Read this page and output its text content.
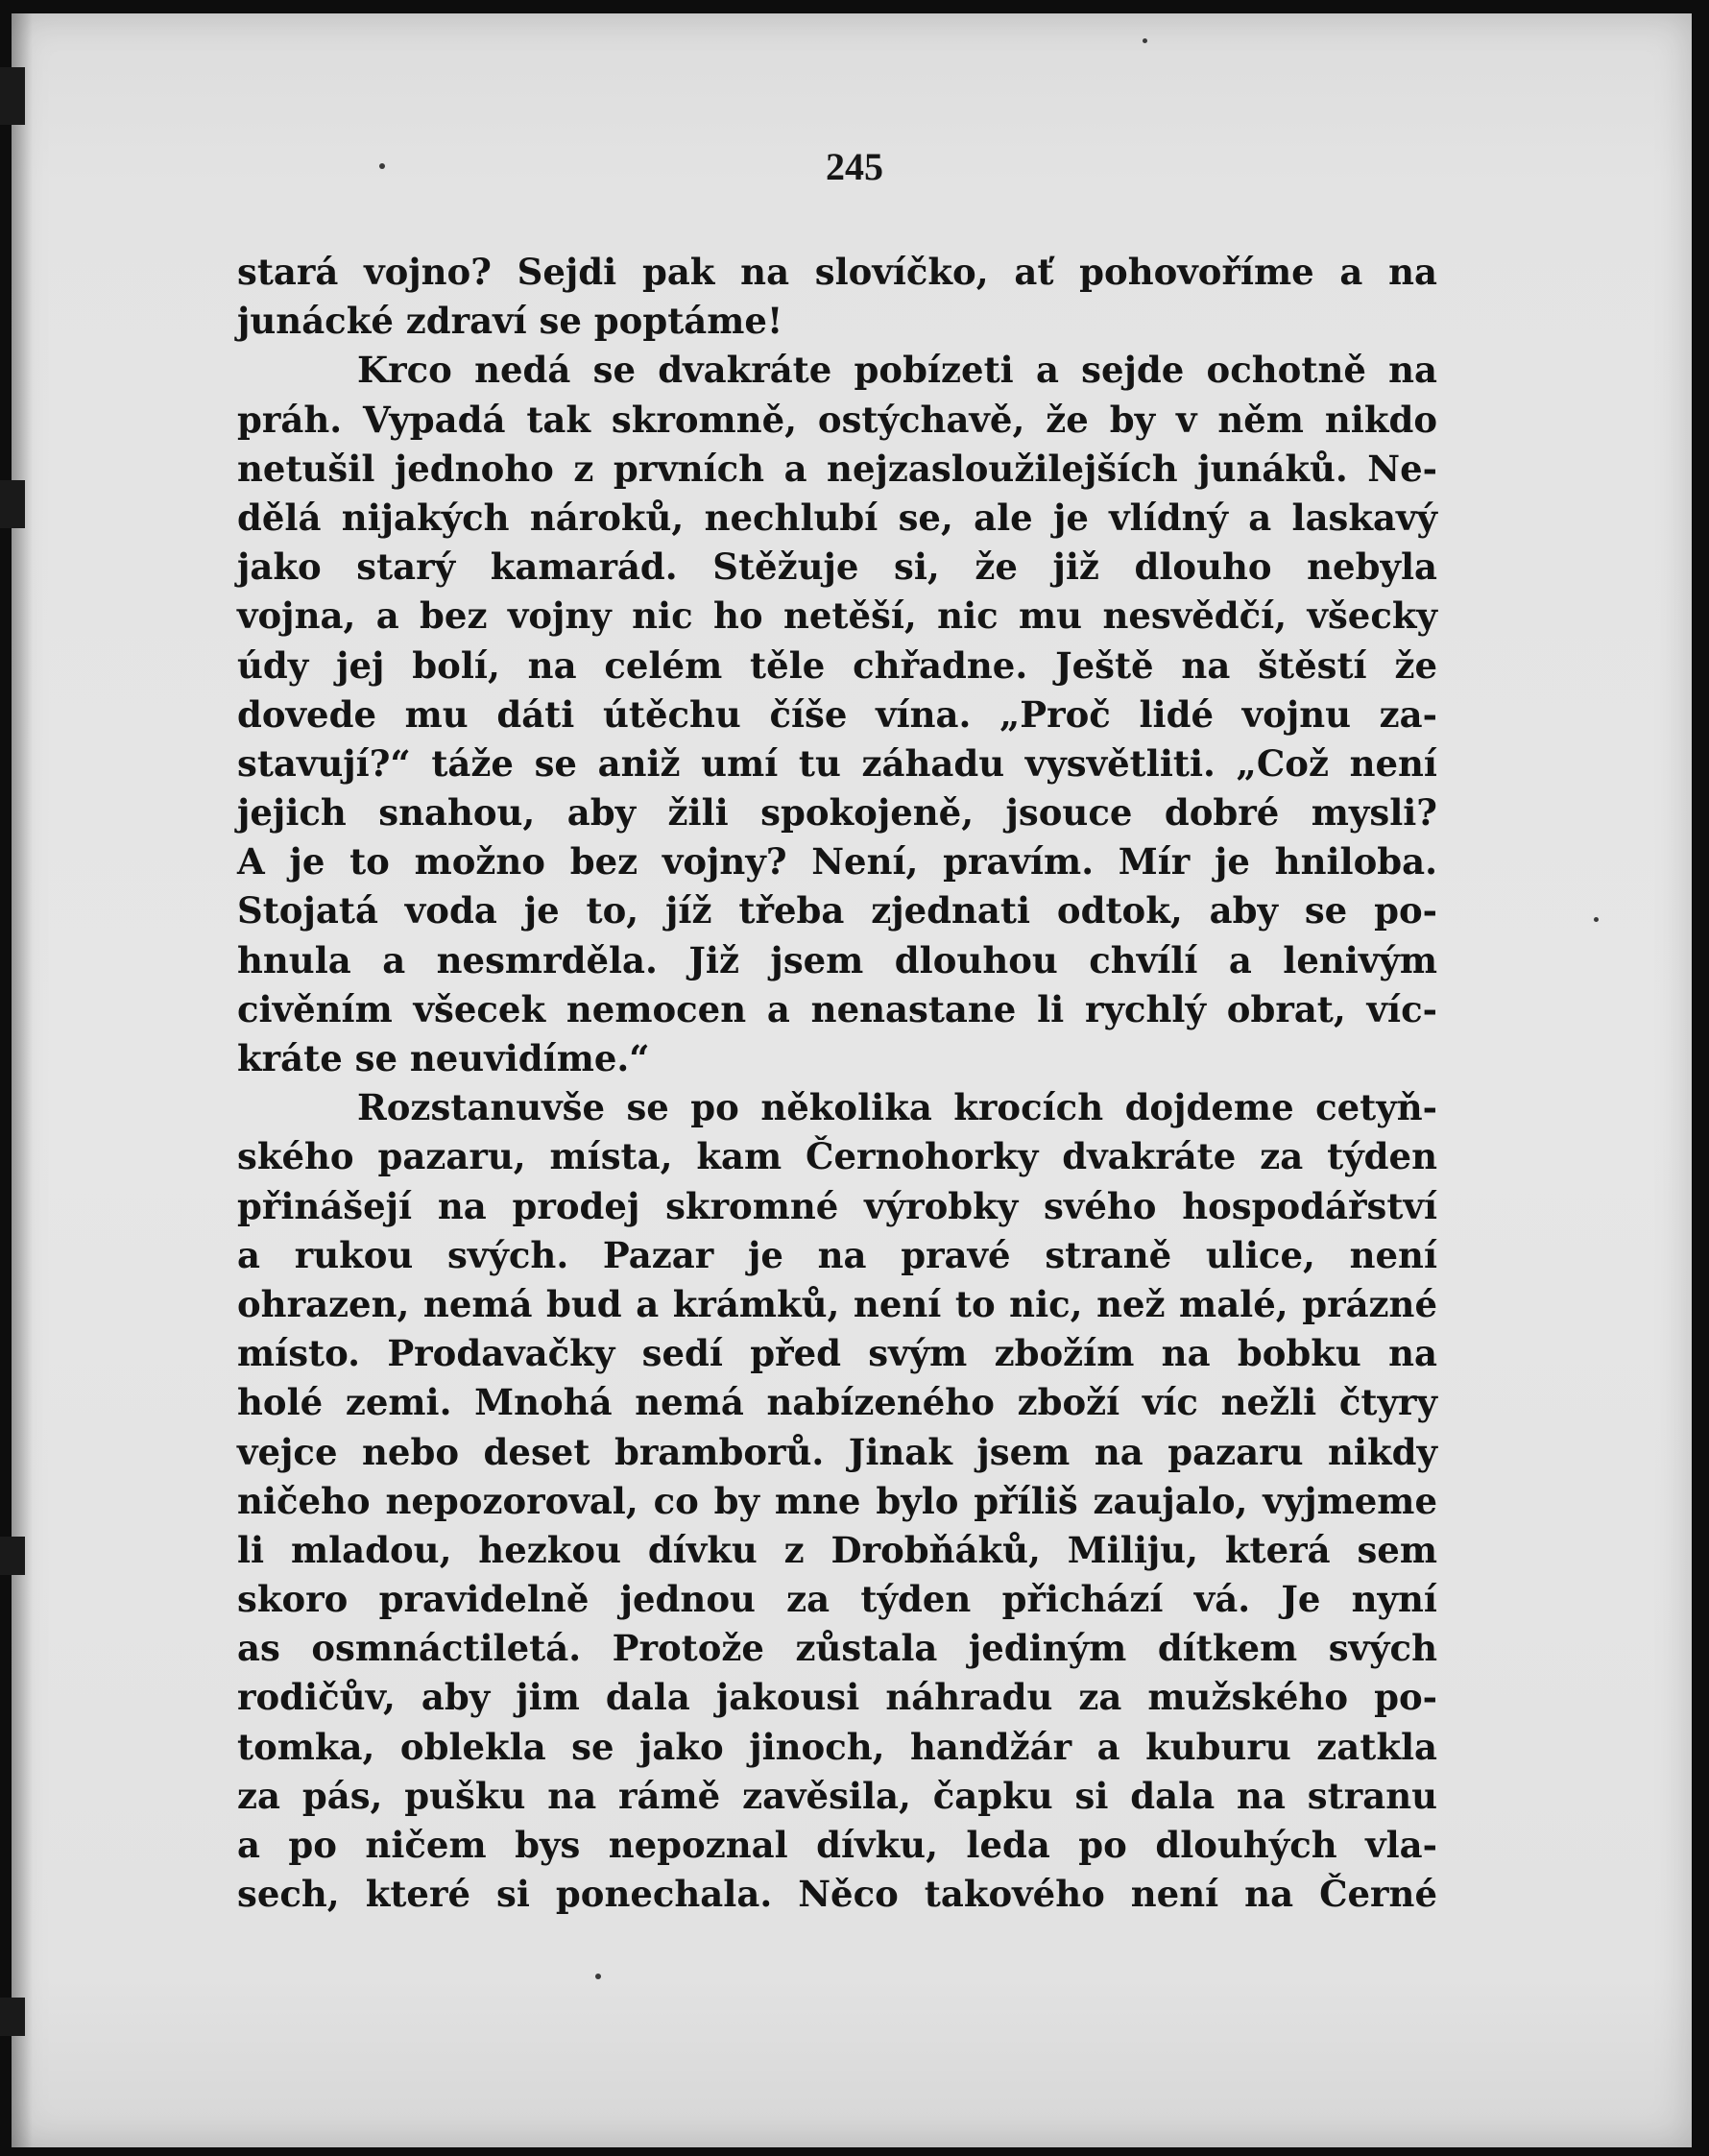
245
stará vojno? Sejdi pak na slovíčko, ať pohovoříme a na
junácké zdraví se poptáme!
Krco nedá se dvakráte pobízeti a sejde ochotně na
práh. Vypadá tak skromně, ostýchavě, že by v něm nikdo
netušil jednoho z prvních a nejzasloužilejších junáků. Ne-
dělá nijakých nároků, nechlubí se, ale je vlídný a laskavý
jako starý kamarád. Stěžuje si, že již dlouho nebyla
vojna, a bez vojny nic ho netěší, nic mu nesvědčí, všecky
údy jej bolí, na celém těle chřadne. Ještě na štěstí že
dovede mu dáti útěchu číše vína. „Proč lidé vojnu za-
stavují?“ táže se aniž umí tu záhadu vysvětliti. „Což není
jejich snahou, aby žili spokojeně, jsouce dobré mysli?
A je to možno bez vojny? Není, pravím. Mír je hniloba.
Stojatá voda je to, jíž třeba zjednati odtok, aby se po-
hnula a nesmrděla. Již jsem dlouhou chvílí a lenivým
civěním všecek nemocen a nenastane li rychlý obrat, víc-
kráte se neuvidíme.“
Rozstanuvše se po několika krocích dojdeme cetyň-
ského pazaru, místa, kam Černohorky dvakráte za týden
přinášejí na prodej skromné výrobky svého hospodářství
a rukou svých. Pazar je na pravé straně ulice, není
ohrazen, nemá bud a krámků, není to nic, než malé, prázné
místo. Prodavačky sedí před svým zbožím na bobku na
holé zemi. Mnohá nemá nabízeného zboží víc nežli čtyry
vejce nebo deset bramborů. Jinak jsem na pazaru nikdy
ničeho nepozoroval, co by mne bylo příliš zaujalo, vyjmeme
li mladou, hezkou dívku z Drobňáků, Miliju, která sem
skoro pravidelně jednou za týden přichází vá. Je nyní
as osmnáctiletá. Protože zůstala jediným dítkem svých
rodičův, aby jim dala jakousi náhradu za mužského po-
tomka, oblekla se jako jinoch, handžár a kuburu zatkla
za pás, pušku na rámě zavěsila, čapku si dala na stranu
a po ničem bys nepoznal dívku, leda po dlouhých vla-
sech, které si ponechala. Něco takového není na Černé
